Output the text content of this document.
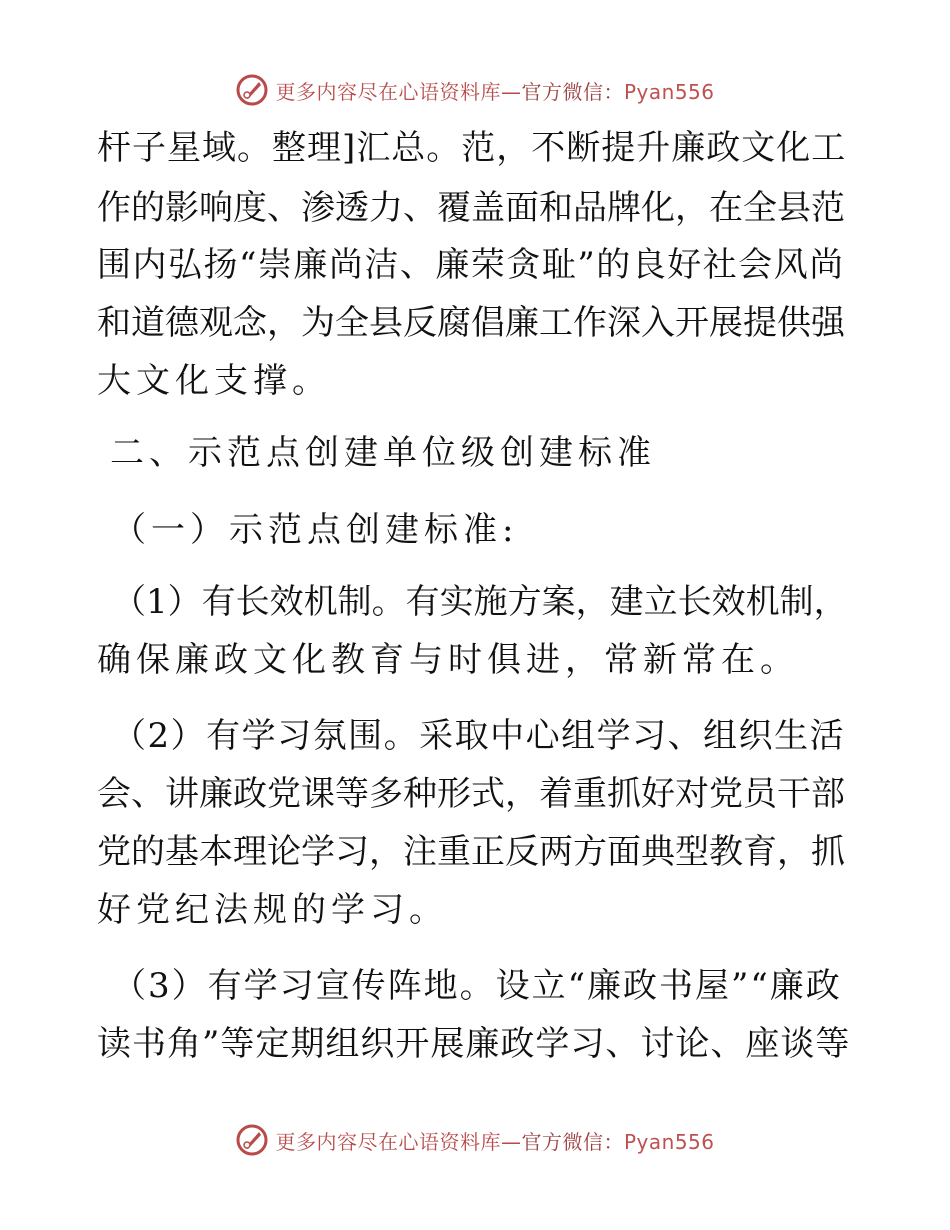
更多内容尽在心语资料库—官方微信：Pyan556
杆子星域。整理]汇总。范，不断提升廉政文化工
作的影响度、渗透力、覆盖面和品牌化，在全县范
围内弘扬“崇廉尚洁、廉荣贪耻”的良好社会风尚
和道德观念，为全县反腐倡廉工作深入开展提供强
大文化支撑。
二、示范点创建单位级创建标准
（一）示范点创建标准:
（1）有长效机制。有实施方案，建立长效机制，
确保廉政文化教育与时俱进，常新常在。
（2）有学习氛围。采取中心组学习、组织生活
会、讲廉政党课等多种形式，着重抓好对党员干部
党的基本理论学习，注重正反两方面典型教育，抓
好党纪法规的学习。
（3）有学习宣传阵地。设立“廉政书屋”“廉政
读书角”等定期组织开展廉政学习、讨论、座谈等
更多内容尽在心语资料库—官方微信：Pyan556
